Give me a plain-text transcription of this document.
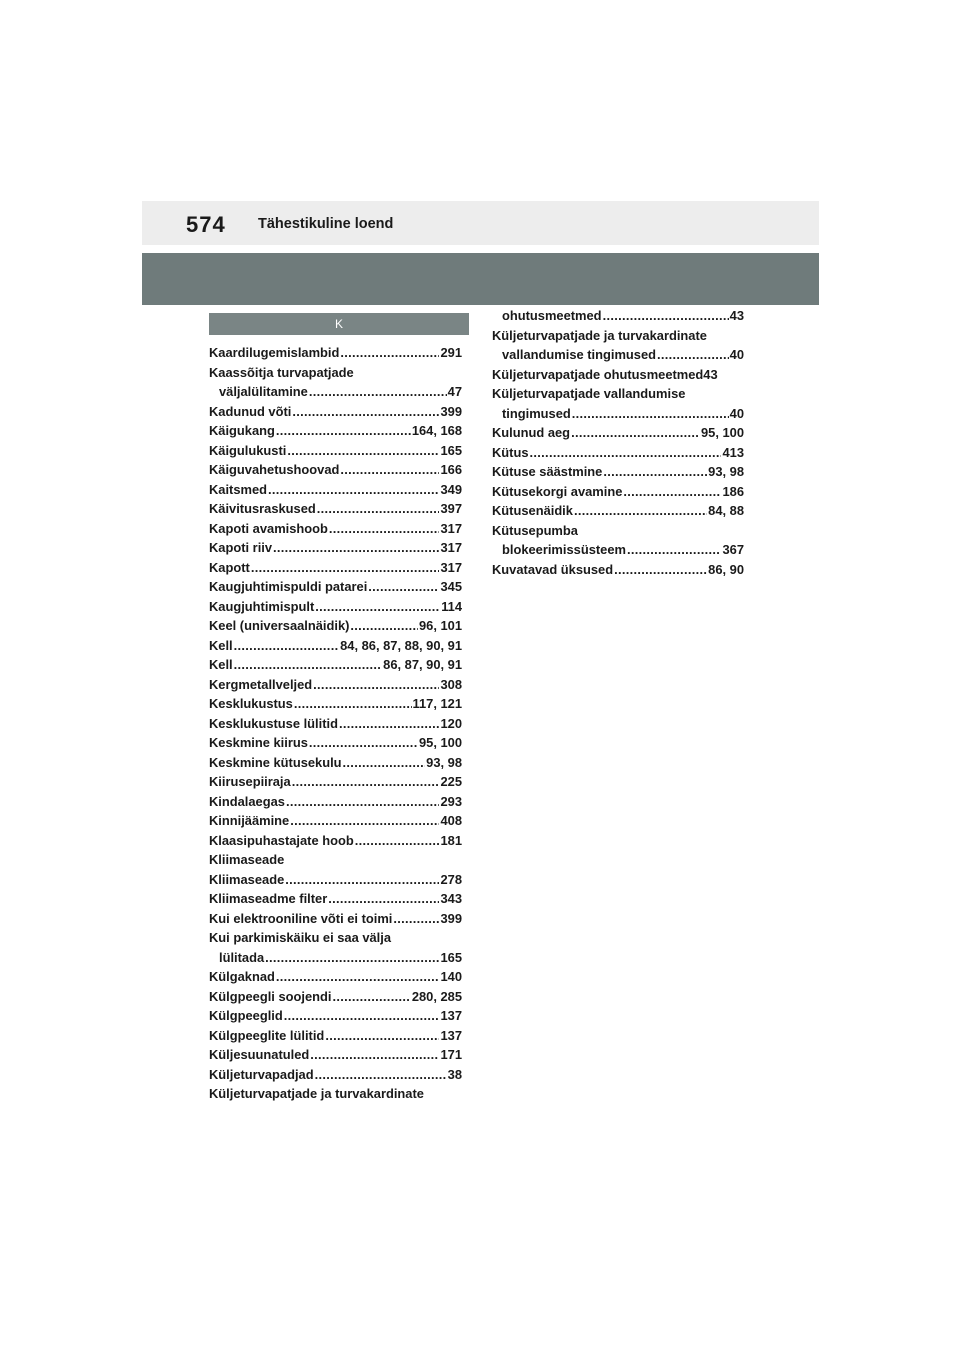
574 Tähestikuline loend
K
Kaardilugemislambid .....	291
Kaassõitja turvapatjade
väljalülitamine .....	47
Kadunud võti .....	399
Käigukang .....	164, 168
Käigulukusti .....	165
Käiguvahetushoovad .....	166
Kaitsmed .....	349
Käivitusraskused .....	397
Kapoti avamishoob .....	317
Kapoti riiv .....	317
Kapott .....	317
Kaugjuhtimispuldi patarei .....	345
Kaugjuhtimispult .....	114
Keel (universaalnäidik) .....	96, 101
Kell .....	84, 86, 87, 88, 90, 91
Kell .....	86, 87, 90, 91
Kergmetallveljed .....	308
Kesklukustus .....	117, 121
Kesklukustuse lülitid .....	120
Keskmine kiirus .....	95, 100
Keskmine kütusekulu .....	93, 98
Kiirusepiiraja .....	225
Kindalaegas .....	293
Kinnijäämine .....	408
Klaasipuhastajate hoob .....	181
Kliimaseade
Kliimaseade .....	278
Kliimaseadme filter .....	343
Kui elektrooniline võti ei toimi .....	399
Kui parkimiskäiku ei saa välja
lülitada .....	165
Külgaknad .....	140
Külgpeegli soojendi .....	280, 285
Külgpeeglid .....	137
Külgpeeglite lülitid .....	137
Küljesuunatuled .....	171
Küljeturvapadjad .....	38
Küljeturvapatjade ja turvakardinate
ohutusmeetmed .....	43
Küljeturvapatjade ja turvakardinate
vallandumise tingimused .....	40
Küljeturvapatjade ohutusmeetmed43
Küljeturvapatjade vallandumise
tingimused .....	40
Kulunud aeg .....	95, 100
Kütus .....	413
Kütuse säästmine .....	93, 98
Kütusekorgi avamine .....	186
Kütusenäidik .....	84, 88
Kütusepumba
blokeerimissüsteem .....	367
Kuvatavad üksused .....	86, 90
